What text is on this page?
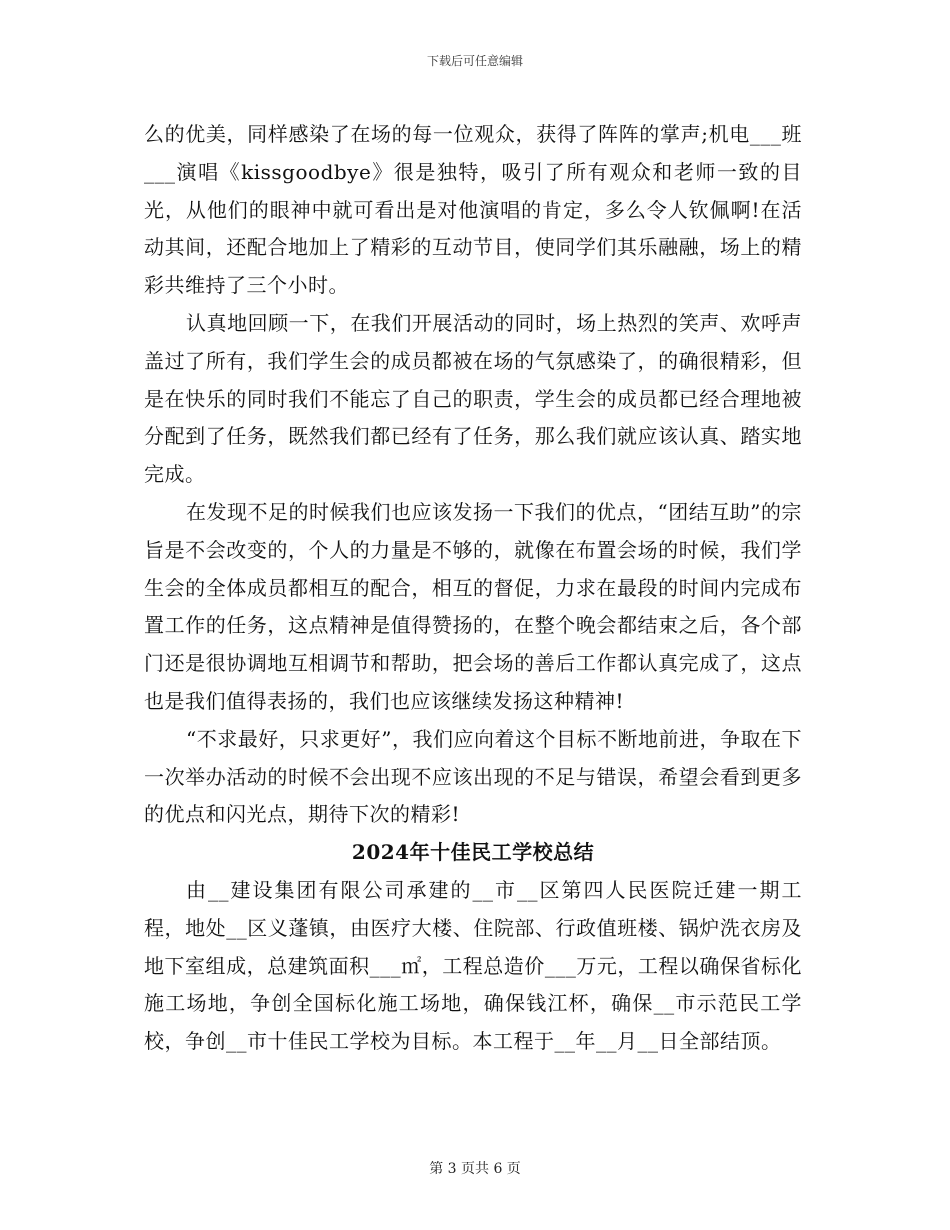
下载后可任意编辑

么的优美，同样感染了在场的每一位观众，获得了阵阵的掌声;机电___班___演唱《kissgoodbye》很是独特，吸引了所有观众和老师一致的目光，从他们的眼神中就可看出是对他演唱的肯定，多么令人钦佩啊!在活动其间，还配合地加上了精彩的互动节目，使同学们其乐融融，场上的精彩共维持了三个小时。

认真地回顾一下，在我们开展活动的同时，场上热烈的笑声、欢呼声盖过了所有，我们学生会的成员都被在场的气氛感染了，的确很精彩，但是在快乐的同时我们不能忘了自己的职责，学生会的成员都已经合理地被分配到了任务，既然我们都已经有了任务，那么我们就应该认真、踏实地完成。

在发现不足的时候我们也应该发扬一下我们的优点，“团结互助”的宗旨是不会改变的，个人的力量是不够的，就像在布置会场的时候，我们学生会的全体成员都相互的配合，相互的督促，力求在最段的时间内完成布置工作的任务，这点精神是值得赞扬的，在整个晚会都结束之后，各个部门还是很协调地互相调节和帮助，把会场的善后工作都认真完成了，这点也是我们值得表扬的，我们也应该继续发扬这种精神!

“不求最好，只求更好”，我们应向着这个目标不断地前进，争取在下一次举办活动的时候不会出现不应该出现的不足与错误，希望会看到更多的优点和闪光点，期待下次的精彩!

2024年十佳民工学校总结

由__建设集团有限公司承建的__市__区第四人民医院迁建一期工程，地处__区义蓬镇，由医疗大楼、住院部、行政值班楼、锅炉洗衣房及地下室组成，总建筑面积___㎡，工程总造价___万元，工程以确保省标化施工场地，争创全国标化施工场地，确保钱江杯，确保__市示范民工学校，争创__市十佳民工学校为目标。本工程于__年__月__日全部结顶。

第 3 页共 6 页
